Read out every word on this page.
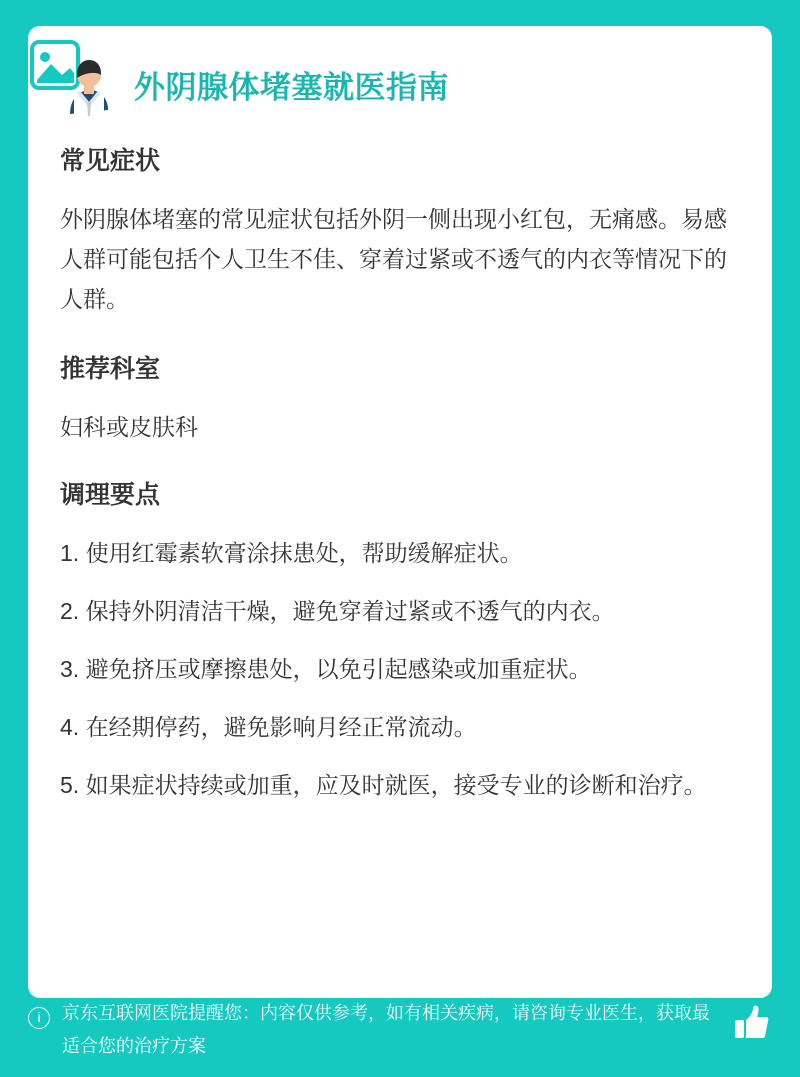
外阴腺体堵塞就医指南
常见症状

外阴腺体堵塞的常见症状包括外阴一侧出现小红包，无痛感。易感人群可能包括个人卫生不佳、穿着过紧或不透气的内衣等情况下的人群。

推荐科室

妇科或皮肤科

调理要点
1. 使用红霉素软膏涂抹患处，帮助缓解症状。
2. 保持外阴清洁干燥，避免穿着过紧或不透气的内衣。
3. 避免挤压或摩擦患处，以免引起感染或加重症状。
4. 在经期停药，避免影响月经正常流动。
5. 如果症状持续或加重，应及时就医，接受专业的诊断和治疗。
i	京东互联网医院提醒您：内容仅供参考，如有相关疾病，请咨询专业医生，获取最适合您的治疗方案
